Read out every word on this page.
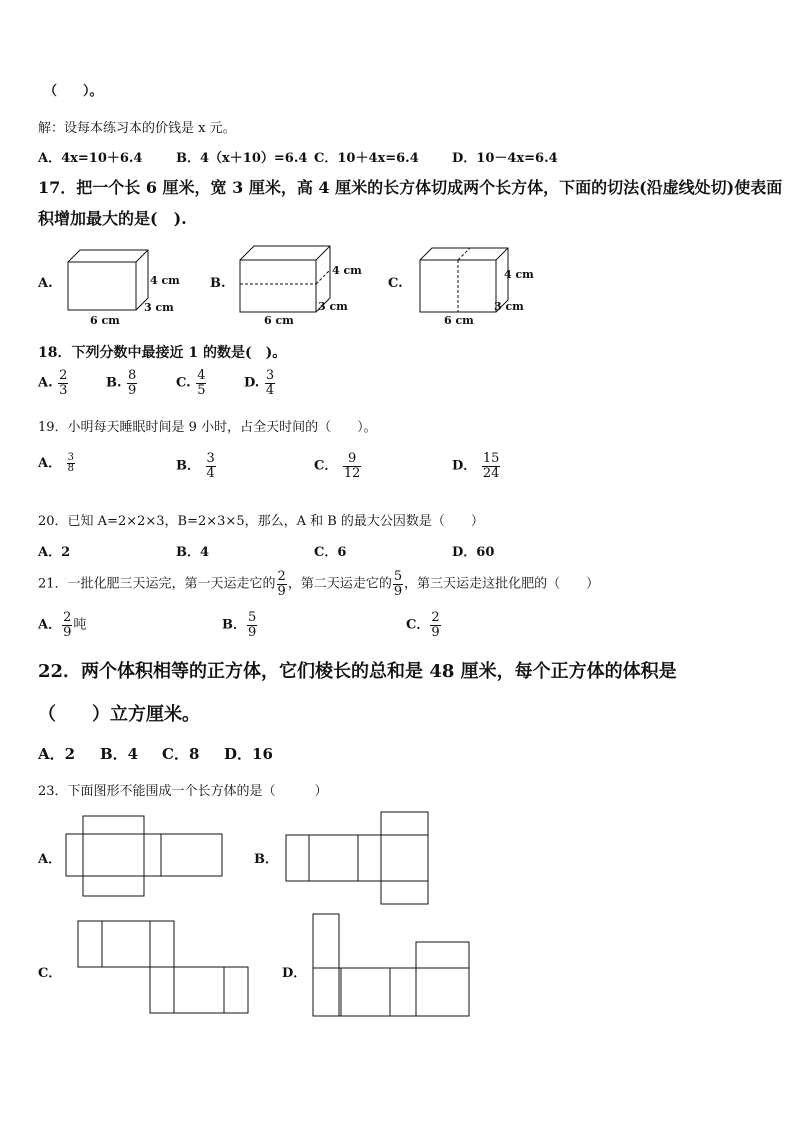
（　　）。
解：设每本练习本的价钱是 x 元。
A．4x=10＋6.4	B．4（x＋10）=6.4 C．10＋4x=6.4	D．10－4x=6.4
17．把一个长 6 厘米，宽 3 厘米，高 4 厘米的长方体切成两个长方体，下面的切法(沿虚线处切)使表面
积增加最大的是(　).
A.	4 cm
3 cm
6 cm
B.
4 cm
3 cm
6 cm
C.
4 cm
3 cm
6 cm
18．下列分数中最接近 1 的数是(　)。
A. $\frac{2}{3}$	B. $\frac{8}{9}$	C. $\frac{4}{5}$	D. $\frac{3}{4}$
19．小明每天睡眠时间是 9 小时，占全天时间的（　　）。
A． $\frac{3}{8}$	B． $\frac{3}{4}$	C． $\frac{9}{12}$	D． $\frac{15}{24}$
20．已知 A=2×2×3，B=2×3×5，那么，A 和 B 的最大公因数是（　　）
A．2	B．4	C．6	D．60
21．一批化肥三天运完，第一天运走它的 $\frac{2}{9}$ ，第二天运走它的 $\frac{5}{9}$ ，第三天运走这批化肥的（　　）
A． $\frac{2}{9}$ 吨	B． $\frac{5}{9}$	C． $\frac{2}{9}$
22．两个体积相等的正方体，它们棱长的总和是 48 厘米，每个正方体的体积是
（　　）立方厘米。
A．2 B．4 C．8 D．16
23．下面图形不能围成一个长方体的是（　　　）
A．	B．
C．	D．
